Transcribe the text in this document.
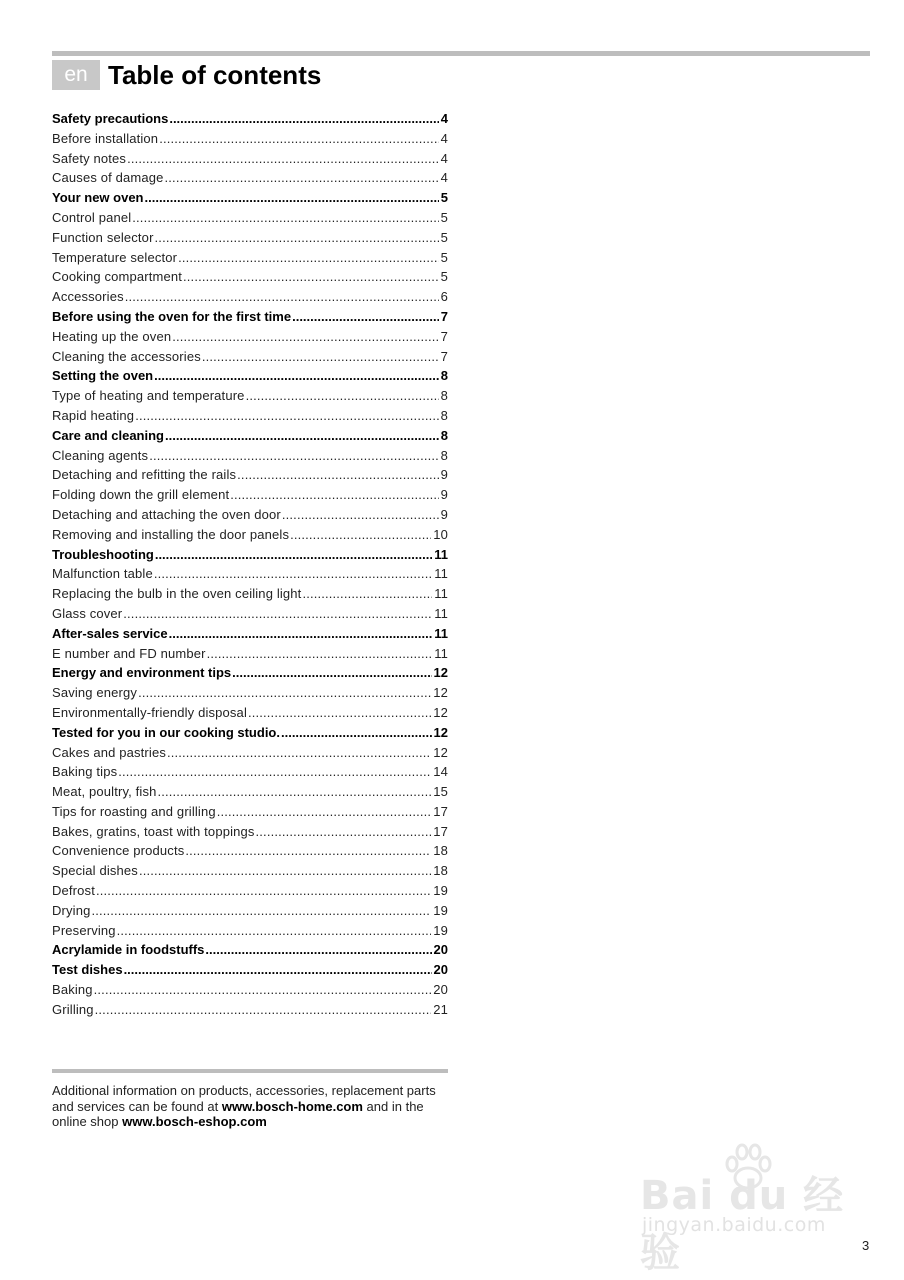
en Table of contents
Safety precautions .....	4
Before installation .....	4
Safety notes .....	4
Causes of damage .....	4
Your new oven .....	5
Control panel .....	5
Function selector .....	5
Temperature selector .....	5
Cooking compartment .....	5
Accessories .....	6
Before using the oven for the first time .....	7
Heating up the oven .....	7
Cleaning the accessories .....	7
Setting the oven .....	8
Type of heating and temperature .....	8
Rapid heating .....	8
Care and cleaning .....	8
Cleaning agents .....	8
Detaching and refitting the rails .....	9
Folding down the grill element .....	9
Detaching and attaching the oven door .....	9
Removing and installing the door panels .....	10
Troubleshooting .....	11
Malfunction table .....	11
Replacing the bulb in the oven ceiling light .....	11
Glass cover .....	11
After-sales service .....	11
E number and FD number .....	11
Energy and environment tips .....	12
Saving energy .....	12
Environmentally-friendly disposal .....	12
Tested for you in our cooking studio. .....	12
Cakes and pastries .....	12
Baking tips .....	14
Meat, poultry, fish .....	15
Tips for roasting and grilling .....	17
Bakes, gratins, toast with toppings .....	17
Convenience products .....	18
Special dishes .....	18
Defrost .....	19
Drying .....	19
Preserving .....	19
Acrylamide in foodstuffs .....	20
Test dishes .....	20
Baking .....	20
Grilling .....	21

Additional information on products, accessories, replacement parts and services can be found at www.bosch-home.com and in the online shop www.bosch-eshop.com

Bai du 经验
jingyan.baidu.com
3
